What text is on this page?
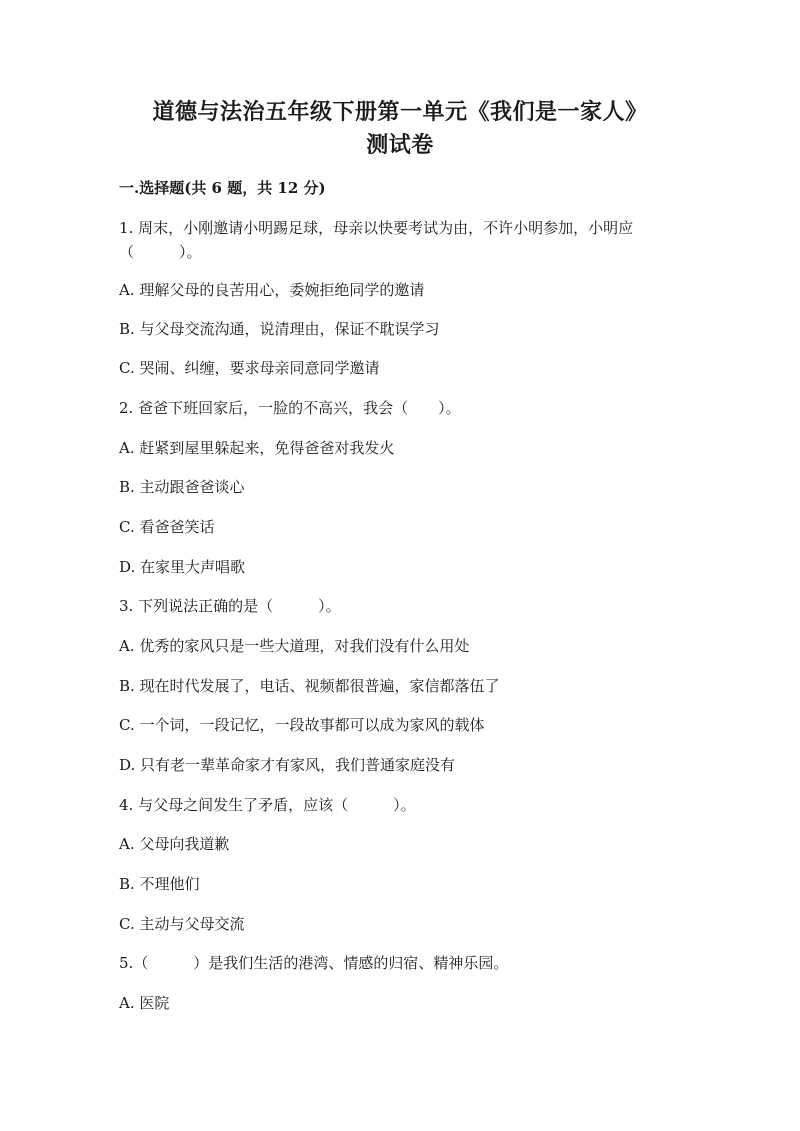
道德与法治五年级下册第一单元《我们是一家人》
测试卷
一.选择题(共 6 题，共 12 分)
1. 周末，小刚邀请小明踢足球，母亲以快要考试为由，不许小明参加，小明应
（　　　）。
A. 理解父母的良苦用心，委婉拒绝同学的邀请
B. 与父母交流沟通，说清理由，保证不耽误学习
C. 哭闹、纠缠，要求母亲同意同学邀请
2. 爸爸下班回家后，一脸的不高兴，我会（　　）。
A. 赶紧到屋里躲起来，免得爸爸对我发火
B. 主动跟爸爸谈心
C. 看爸爸笑话
D. 在家里大声唱歌
3. 下列说法正确的是（　　　）。
A. 优秀的家风只是一些大道理，对我们没有什么用处
B. 现在时代发展了，电话、视频都很普遍，家信都落伍了
C. 一个词，一段记忆，一段故事都可以成为家风的载体
D. 只有老一辈革命家才有家风，我们普通家庭没有
4. 与父母之间发生了矛盾，应该（　　　）。
A. 父母向我道歉
B. 不理他们
C. 主动与父母交流
5.（　　　）是我们生活的港湾、情感的归宿、精神乐园。
A. 医院
